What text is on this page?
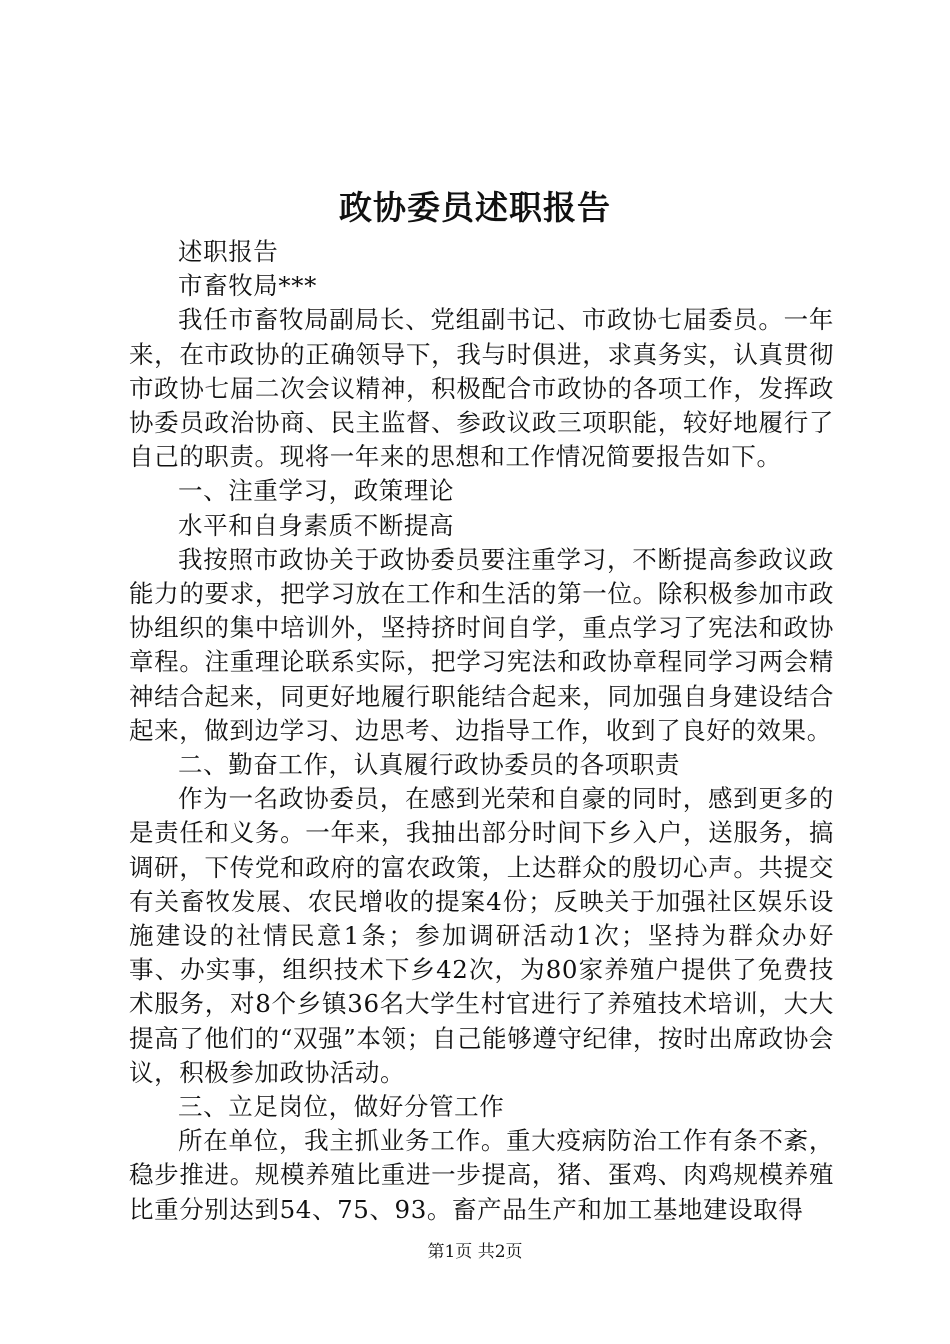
政协委员述职报告

述职报告

市畜牧局***

我任市畜牧局副局长、党组副书记、市政协七届委员。一年来，在市政协的正确领导下，我与时俱进，求真务实，认真贯彻市政协七届二次会议精神，积极配合市政协的各项工作，发挥政协委员政治协商、民主监督、参政议政三项职能，较好地履行了自己的职责。现将一年来的思想和工作情况简要报告如下。

一、注重学习，政策理论

水平和自身素质不断提高

我按照市政协关于政协委员要注重学习，不断提高参政议政能力的要求，把学习放在工作和生活的第一位。除积极参加市政协组织的集中培训外，坚持挤时间自学，重点学习了宪法和政协章程。注重理论联系实际，把学习宪法和政协章程同学习两会精神结合起来，同更好地履行职能结合起来，同加强自身建设结合起来，做到边学习、边思考、边指导工作，收到了良好的效果。

二、勤奋工作，认真履行政协委员的各项职责

作为一名政协委员，在感到光荣和自豪的同时，感到更多的是责任和义务。一年来，我抽出部分时间下乡入户，送服务，搞调研，下传党和政府的富农政策，上达群众的殷切心声。共提交有关畜牧发展、农民增收的提案4份；反映关于加强社区娱乐设施建设的社情民意1条；参加调研活动1次；坚持为群众办好事、办实事，组织技术下乡42次，为80家养殖户提供了免费技术服务，对8个乡镇36名大学生村官进行了养殖技术培训，大大提高了他们的“双强”本领；自己能够遵守纪律，按时出席政协会议，积极参加政协活动。

三、立足岗位，做好分管工作

所在单位，我主抓业务工作。重大疫病防治工作有条不紊，稳步推进。规模养殖比重进一步提高，猪、蛋鸡、肉鸡规模养殖比重分别达到54、75、93。畜产品生产和加工基地建设取得

第1页 共2页
